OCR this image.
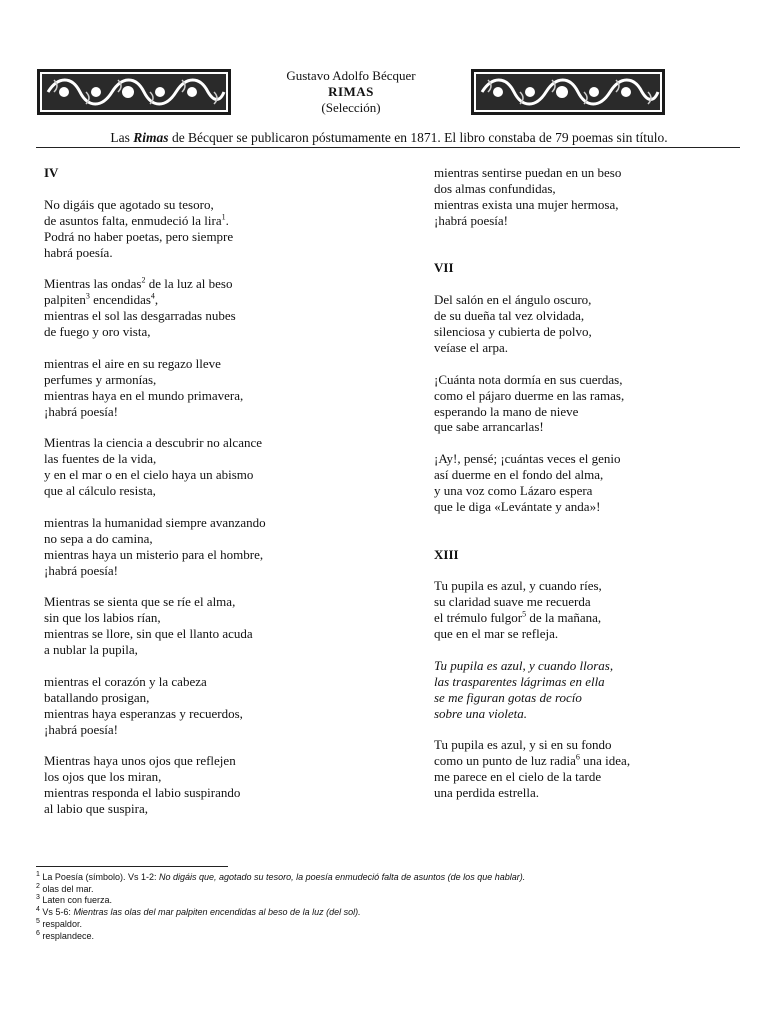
Gustavo Adolfo Bécquer
RIMAS
(Selección)
Las Rimas de Bécquer se publicaron póstumamente en 1871. El libro constaba de 79 poemas sin título.
IV
No digáis que agotado su tesoro,
de asuntos falta, enmudeció la lira$^1$.
Podrá no haber poetas, pero siempre
habrá poesía.
Mientras las ondas$^2$ de la luz al beso
palpiten$^3$ encendidas$^4$,
mientras el sol las desgarradas nubes
de fuego y oro vista,
mientras el aire en su regazo lleve
perfumes y armonías,
mientras haya en el mundo primavera,
¡habrá poesía!
Mientras la ciencia a descubrir no alcance
las fuentes de la vida,
y en el mar o en el cielo haya un abismo
que al cálculo resista,
mientras la humanidad siempre avanzando
no sepa a do camina,
mientras haya un misterio para el hombre,
¡habrá poesía!
Mientras se sienta que se ríe el alma,
sin que los labios rían,
mientras se llore, sin que el llanto acuda
a nublar la pupila,
mientras el corazón y la cabeza
batallando prosigan,
mientras haya esperanzas y recuerdos,
¡habrá poesía!
Mientras haya unos ojos que reflejen
los ojos que los miran,
mientras responda el labio suspirando
al labio que suspira,
mientras sentirse puedan en un beso
dos almas confundidas,
mientras exista una mujer hermosa,
¡habrá poesía!
VII
Del salón en el ángulo oscuro,
de su dueña tal vez olvidada,
silenciosa y cubierta de polvo,
veíase el arpa.
¡Cuánta nota dormía en sus cuerdas,
como el pájaro duerme en las ramas,
esperando la mano de nieve
que sabe arrancarlas!
¡Ay!, pensé; ¡cuántas veces el genio
así duerme en el fondo del alma,
y una voz como Lázaro espera
que le diga «Levántate y anda»!
XIII
Tu pupila es azul, y cuando ríes,
su claridad suave me recuerda
el trémulo fulgor$^5$ de la mañana,
que en el mar se refleja.
Tu pupila es azul, y cuando lloras,
las trasparentes lágrimas en ella
se me figuran gotas de rocío
sobre una violeta.
Tu pupila es azul, y si en su fondo
como un punto de luz radia$^6$ una idea,
me parece en el cielo de la tarde
una perdida estrella.
$^1$ La Poesía (símbolo). Vs 1-2: No digáis que, agotado su tesoro, la poesía enmudeció falta de asuntos (de los que hablar).
$^2$ olas del mar.
$^3$ Laten con fuerza.
$^4$ Vs 5-6: Mientras las olas del mar palpiten encendidas al beso de la luz (del sol).
$^5$ respaldor.
$^6$ resplandece.
